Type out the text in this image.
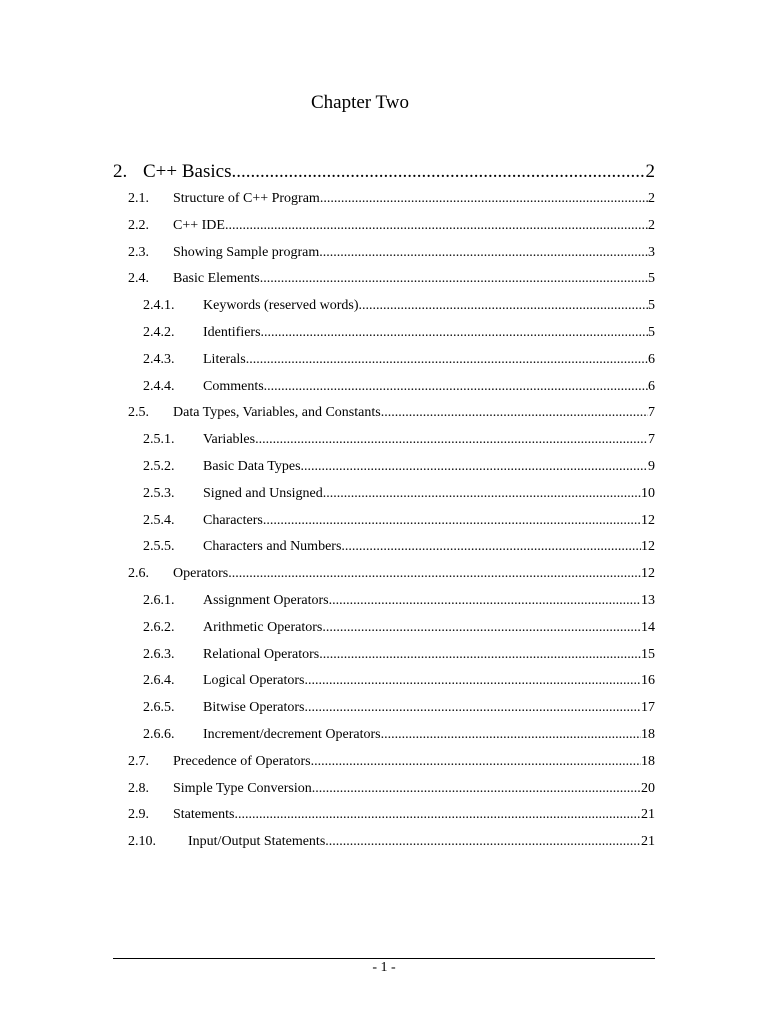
Chapter Two
2. C++ Basics .....	2
2.1.	Structure of C++ Program .....	2
2.2.	C++ IDE .....	2
2.3.	Showing Sample program .....	3
2.4.	Basic Elements .....	5
2.4.1.	Keywords (reserved words) .....	5
2.4.2.	Identifiers .....	5
2.4.3.	Literals .....	6
2.4.4.	Comments .....	6
2.5.	Data Types, Variables, and Constants .....	7
2.5.1.	Variables .....	7
2.5.2.	Basic Data Types .....	9
2.5.3.	Signed and Unsigned .....	10
2.5.4.	Characters .....	12
2.5.5.	Characters and Numbers .....	12
2.6.	Operators .....	12
2.6.1.	Assignment Operators .....	13
2.6.2.	Arithmetic Operators .....	14
2.6.3.	Relational Operators .....	15
2.6.4.	Logical Operators .....	16
2.6.5.	Bitwise Operators .....	17
2.6.6.	Increment/decrement Operators .....	18
2.7.	Precedence of Operators .....	18
2.8.	Simple Type Conversion .....	20
2.9.	Statements .....	21
2.10.	Input/Output Statements .....	21
- 1 -
